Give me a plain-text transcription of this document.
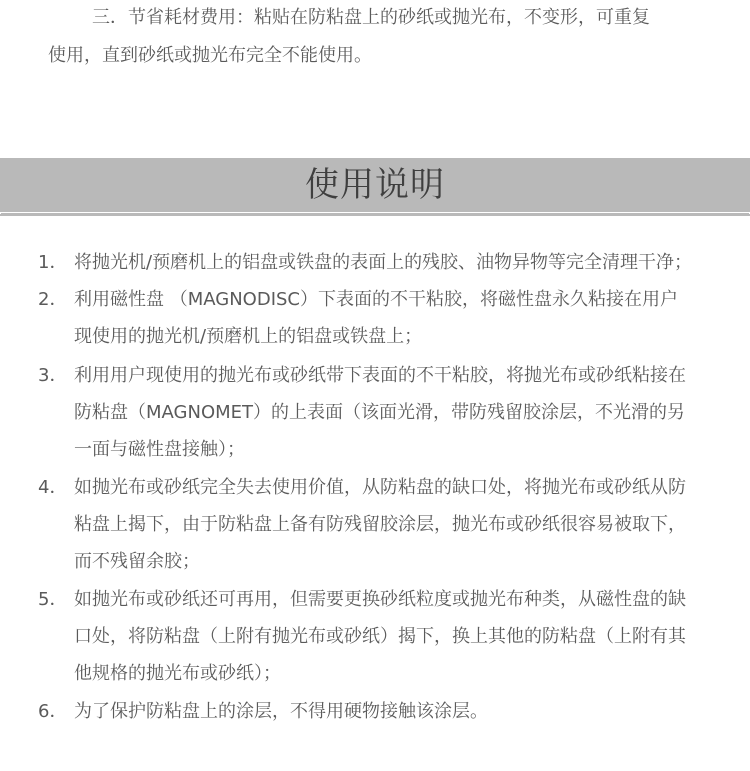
三．节省耗材费用：粘贴在防粘盘上的砂纸或抛光布，不变形，可重复
使用，直到砂纸或抛光布完全不能使用。
使用说明
1． 将抛光机/预磨机上的铝盘或铁盘的表面上的残胶、油物异物等完全清理干净；
2． 利用磁性盘 （MAGNODISC）下表面的不干粘胶，将磁性盘永久粘接在用户
现使用的抛光机/预磨机上的铝盘或铁盘上；
3． 利用用户现使用的抛光布或砂纸带下表面的不干粘胶，将抛光布或砂纸粘接在
防粘盘（MAGNOMET）的上表面（该面光滑，带防残留胶涂层，不光滑的另
一面与磁性盘接触）；
4． 如抛光布或砂纸完全失去使用价值，从防粘盘的缺口处，将抛光布或砂纸从防
粘盘上揭下，由于防粘盘上备有防残留胶涂层，抛光布或砂纸很容易被取下，
而不残留余胶；
5． 如抛光布或砂纸还可再用，但需要更换砂纸粒度或抛光布种类，从磁性盘的缺
口处，将防粘盘（上附有抛光布或砂纸）揭下，换上其他的防粘盘（上附有其
他规格的抛光布或砂纸）；
6． 为了保护防粘盘上的涂层，不得用硬物接触该涂层。
